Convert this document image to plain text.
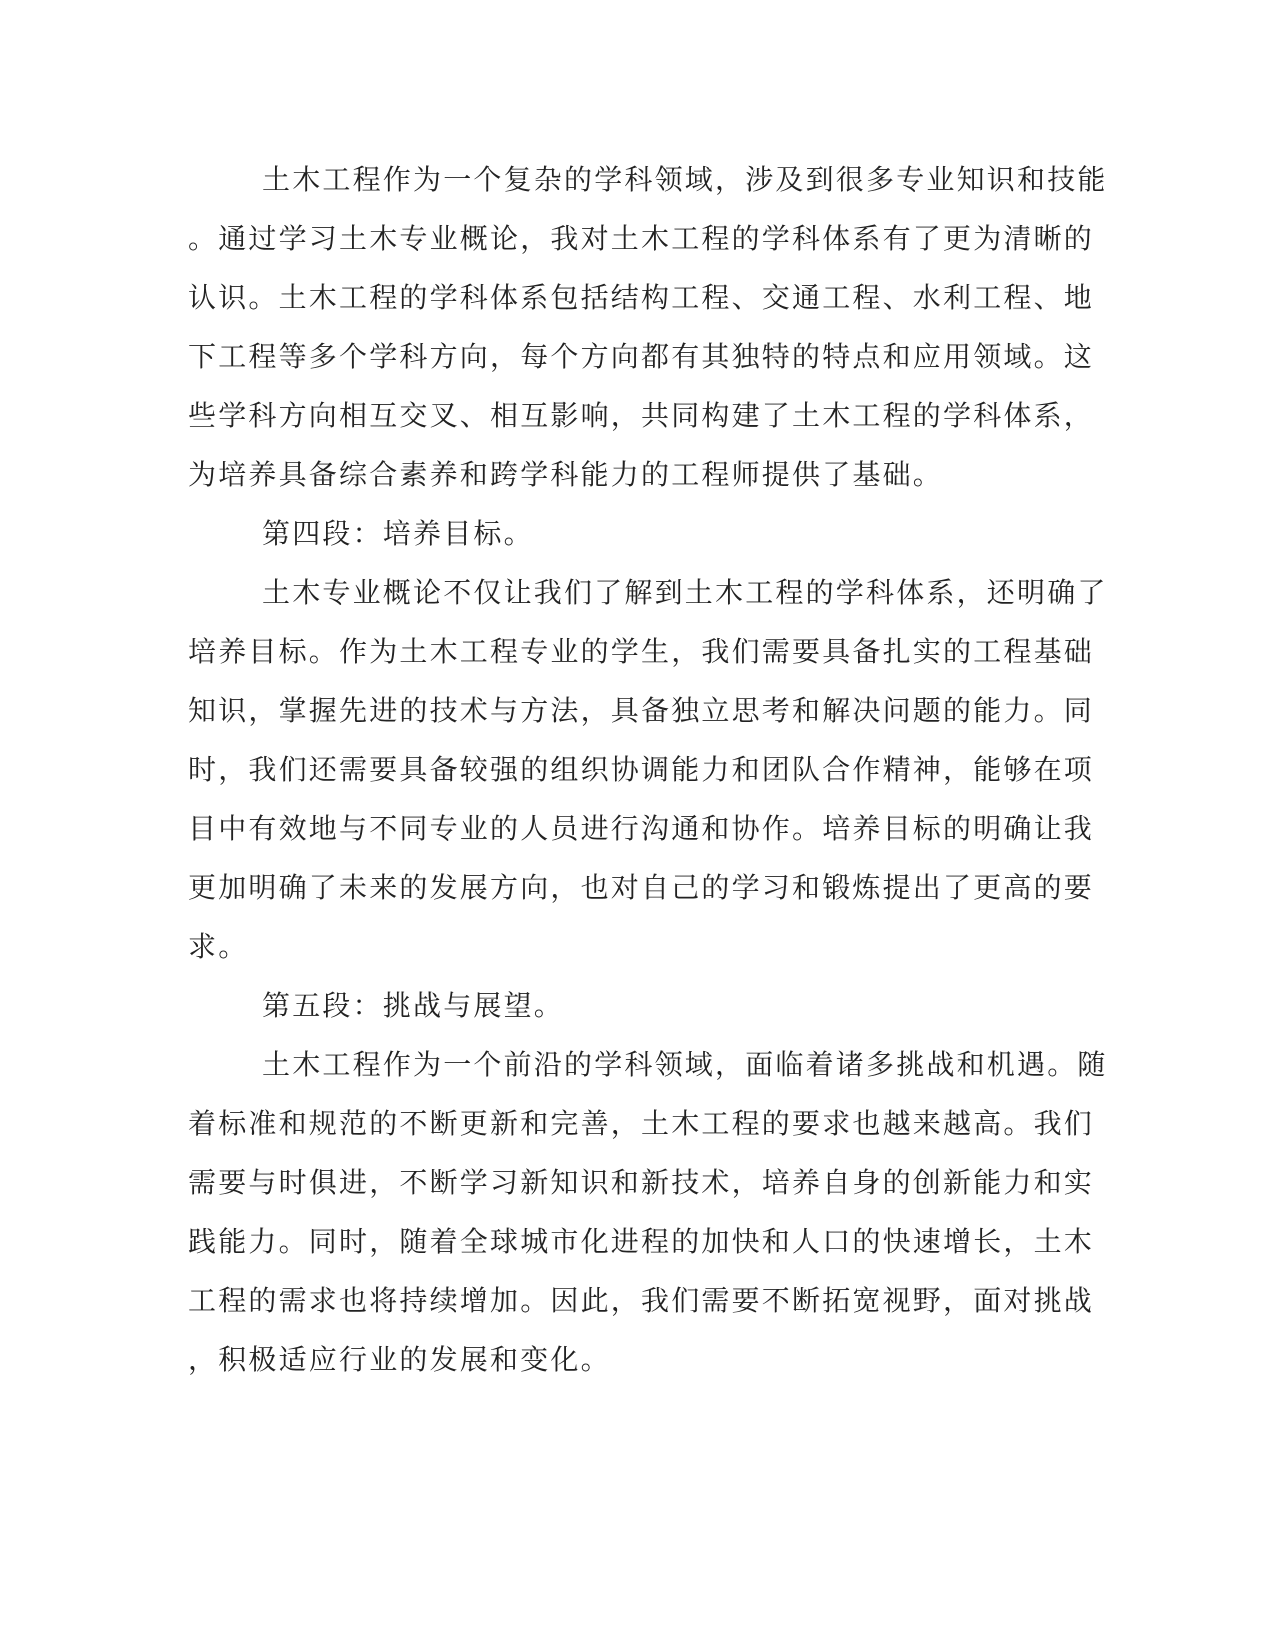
土木工程作为一个复杂的学科领域，涉及到很多专业知识和技能

。通过学习土木专业概论，我对土木工程的学科体系有了更为清晰的

认识。土木工程的学科体系包括结构工程、交通工程、水利工程、地

下工程等多个学科方向，每个方向都有其独特的特点和应用领域。这

些学科方向相互交叉、相互影响，共同构建了土木工程的学科体系，

为培养具备综合素养和跨学科能力的工程师提供了基础。

第四段：培养目标。

土木专业概论不仅让我们了解到土木工程的学科体系，还明确了

培养目标。作为土木工程专业的学生，我们需要具备扎实的工程基础

知识，掌握先进的技术与方法，具备独立思考和解决问题的能力。同

时，我们还需要具备较强的组织协调能力和团队合作精神，能够在项

目中有效地与不同专业的人员进行沟通和协作。培养目标的明确让我

更加明确了未来的发展方向，也对自己的学习和锻炼提出了更高的要

求。

第五段：挑战与展望。

土木工程作为一个前沿的学科领域，面临着诸多挑战和机遇。随

着标准和规范的不断更新和完善，土木工程的要求也越来越高。我们

需要与时俱进，不断学习新知识和新技术，培养自身的创新能力和实

践能力。同时，随着全球城市化进程的加快和人口的快速增长，土木

工程的需求也将持续增加。因此，我们需要不断拓宽视野，面对挑战

，积极适应行业的发展和变化。
